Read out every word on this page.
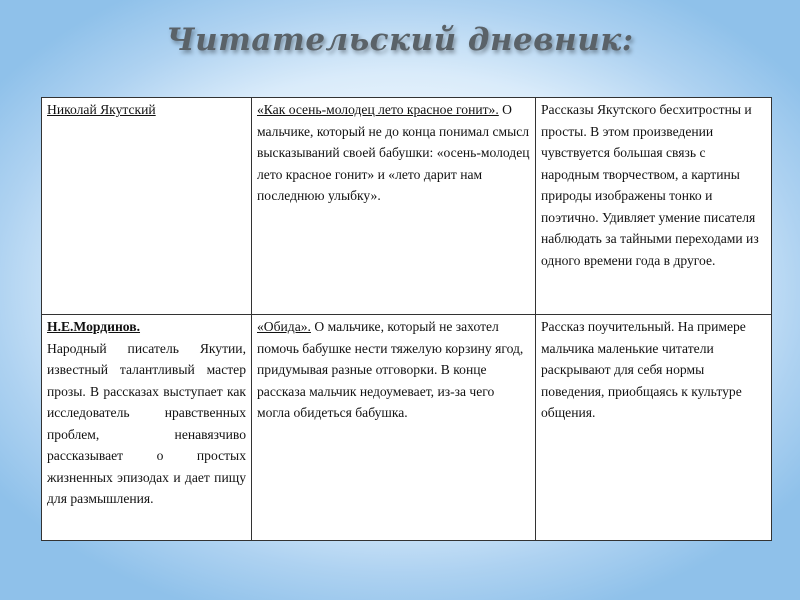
Читательский дневник:
Николай Якутский	«Как осень-молодец лето красное гонит». О мальчике, который не до конца понимал смысл высказываний своей бабушки: «осень-молодец лето красное гонит» и «лето дарит нам последнюю улыбку».
Рассказы Якутского бесхитростны и просты. В этом произведении чувствуется большая связь с народным творчеством, а картины природы изображены тонко и поэтично. Удивляет умение писателя наблюдать за тайными переходами из одного времени года в другое.
Н.Е.Мординов.
Народный писатель Якутии, известный талантливый мастер прозы. В рассказах выступает как исследователь нравственных проблем, ненавязчиво рассказывает о простых жизненных эпизодах и дает пищу для размышления.
«Обида». О мальчике, который не захотел помочь бабушке нести тяжелую корзину ягод, придумывая разные отговорки. В конце рассказа мальчик недоумевает, из-за чего могла обидеться бабушка.
Рассказ поучительный. На примере мальчика маленькие читатели раскрывают для себя нормы поведения, приобщаясь к культуре общения.
